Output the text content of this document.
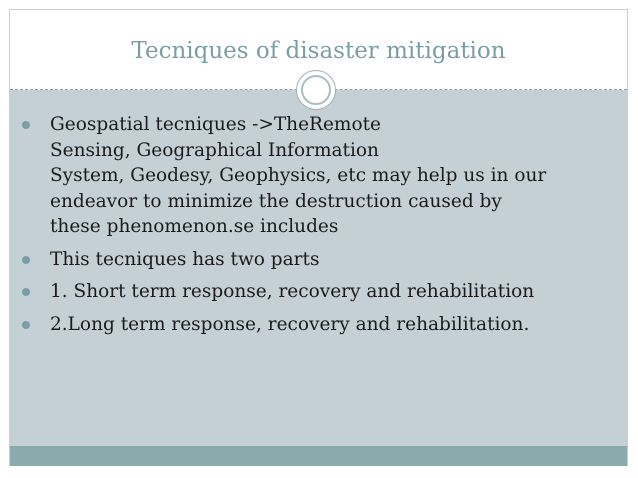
Tecniques of disaster mitigation
Geospatial tecniques ->TheRemote
Sensing, Geographical Information
System, Geodesy, Geophysics, etc may help us in our
endeavor to minimize the destruction caused by
these phenomenon.se includes
This tecniques has two parts
1. Short term response, recovery and rehabilitation
2.Long term response, recovery and rehabilitation.
